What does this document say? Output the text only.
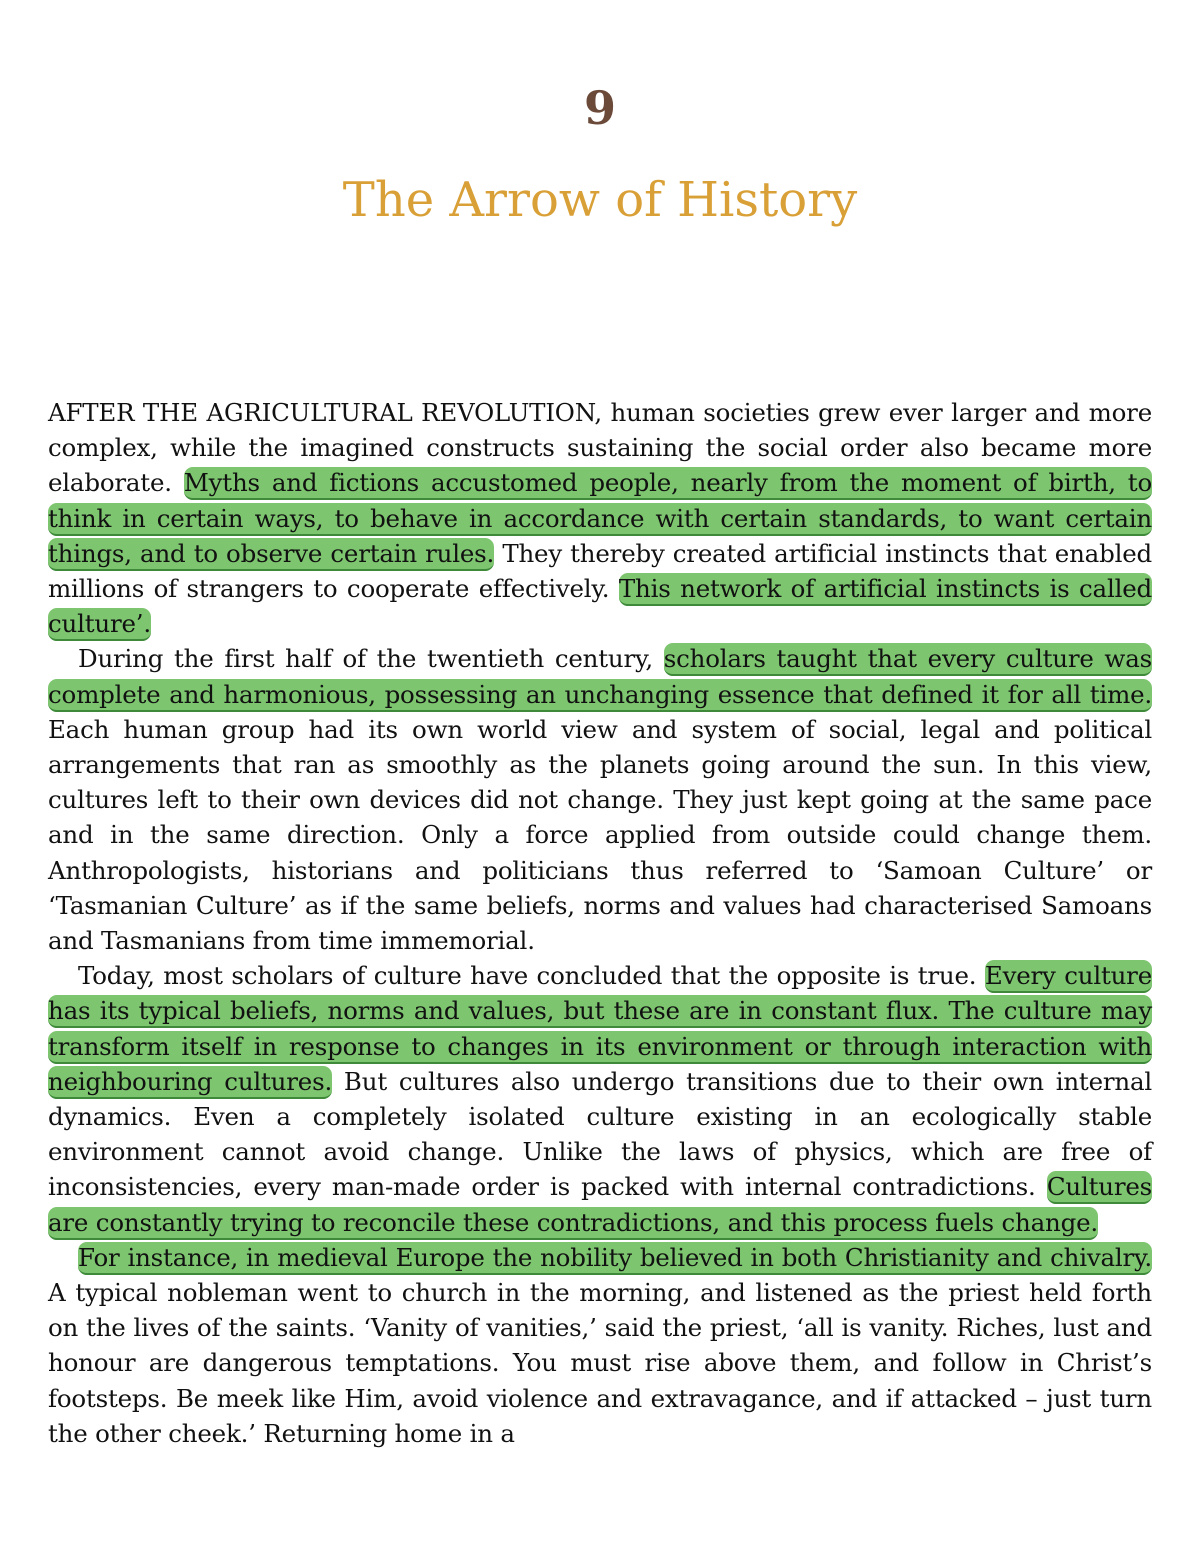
9
The Arrow of History

AFTER THE AGRICULTURAL REVOLUTION, human societies grew ever larger and more complex, while the imagined constructs sustaining the social order also became more elaborate. Myths and fictions accustomed people, nearly from the moment of birth, to think in certain ways, to behave in accordance with certain standards, to want certain things, and to observe certain rules. They thereby created artificial instincts that enabled millions of strangers to cooperate effectively. This network of artificial instincts is called culture’.

During the first half of the twentieth century, scholars taught that every culture was complete and harmonious, possessing an unchanging essence that defined it for all time. Each human group had its own world view and system of social, legal and political arrangements that ran as smoothly as the planets going around the sun. In this view, cultures left to their own devices did not change. They just kept going at the same pace and in the same direction. Only a force applied from outside could change them. Anthropologists, historians and politicians thus referred to ‘Samoan Culture’ or ‘Tasmanian Culture’ as if the same beliefs, norms and values had characterised Samoans and Tasmanians from time immemorial.

Today, most scholars of culture have concluded that the opposite is true. Every culture has its typical beliefs, norms and values, but these are in constant flux. The culture may transform itself in response to changes in its environment or through interaction with neighbouring cultures. But cultures also undergo transitions due to their own internal dynamics. Even a completely isolated culture existing in an ecologically stable environment cannot avoid change. Unlike the laws of physics, which are free of inconsistencies, every man-made order is packed with internal contradictions. Cultures are constantly trying to reconcile these contradictions, and this process fuels change.

For instance, in medieval Europe the nobility believed in both Christianity and chivalry. A typical nobleman went to church in the morning, and listened as the priest held forth on the lives of the saints. ‘Vanity of vanities,’ said the priest, ‘all is vanity. Riches, lust and honour are dangerous temptations. You must rise above them, and follow in Christ’s footsteps. Be meek like Him, avoid violence and extravagance, and if attacked – just turn the other cheek.’ Returning home in a
